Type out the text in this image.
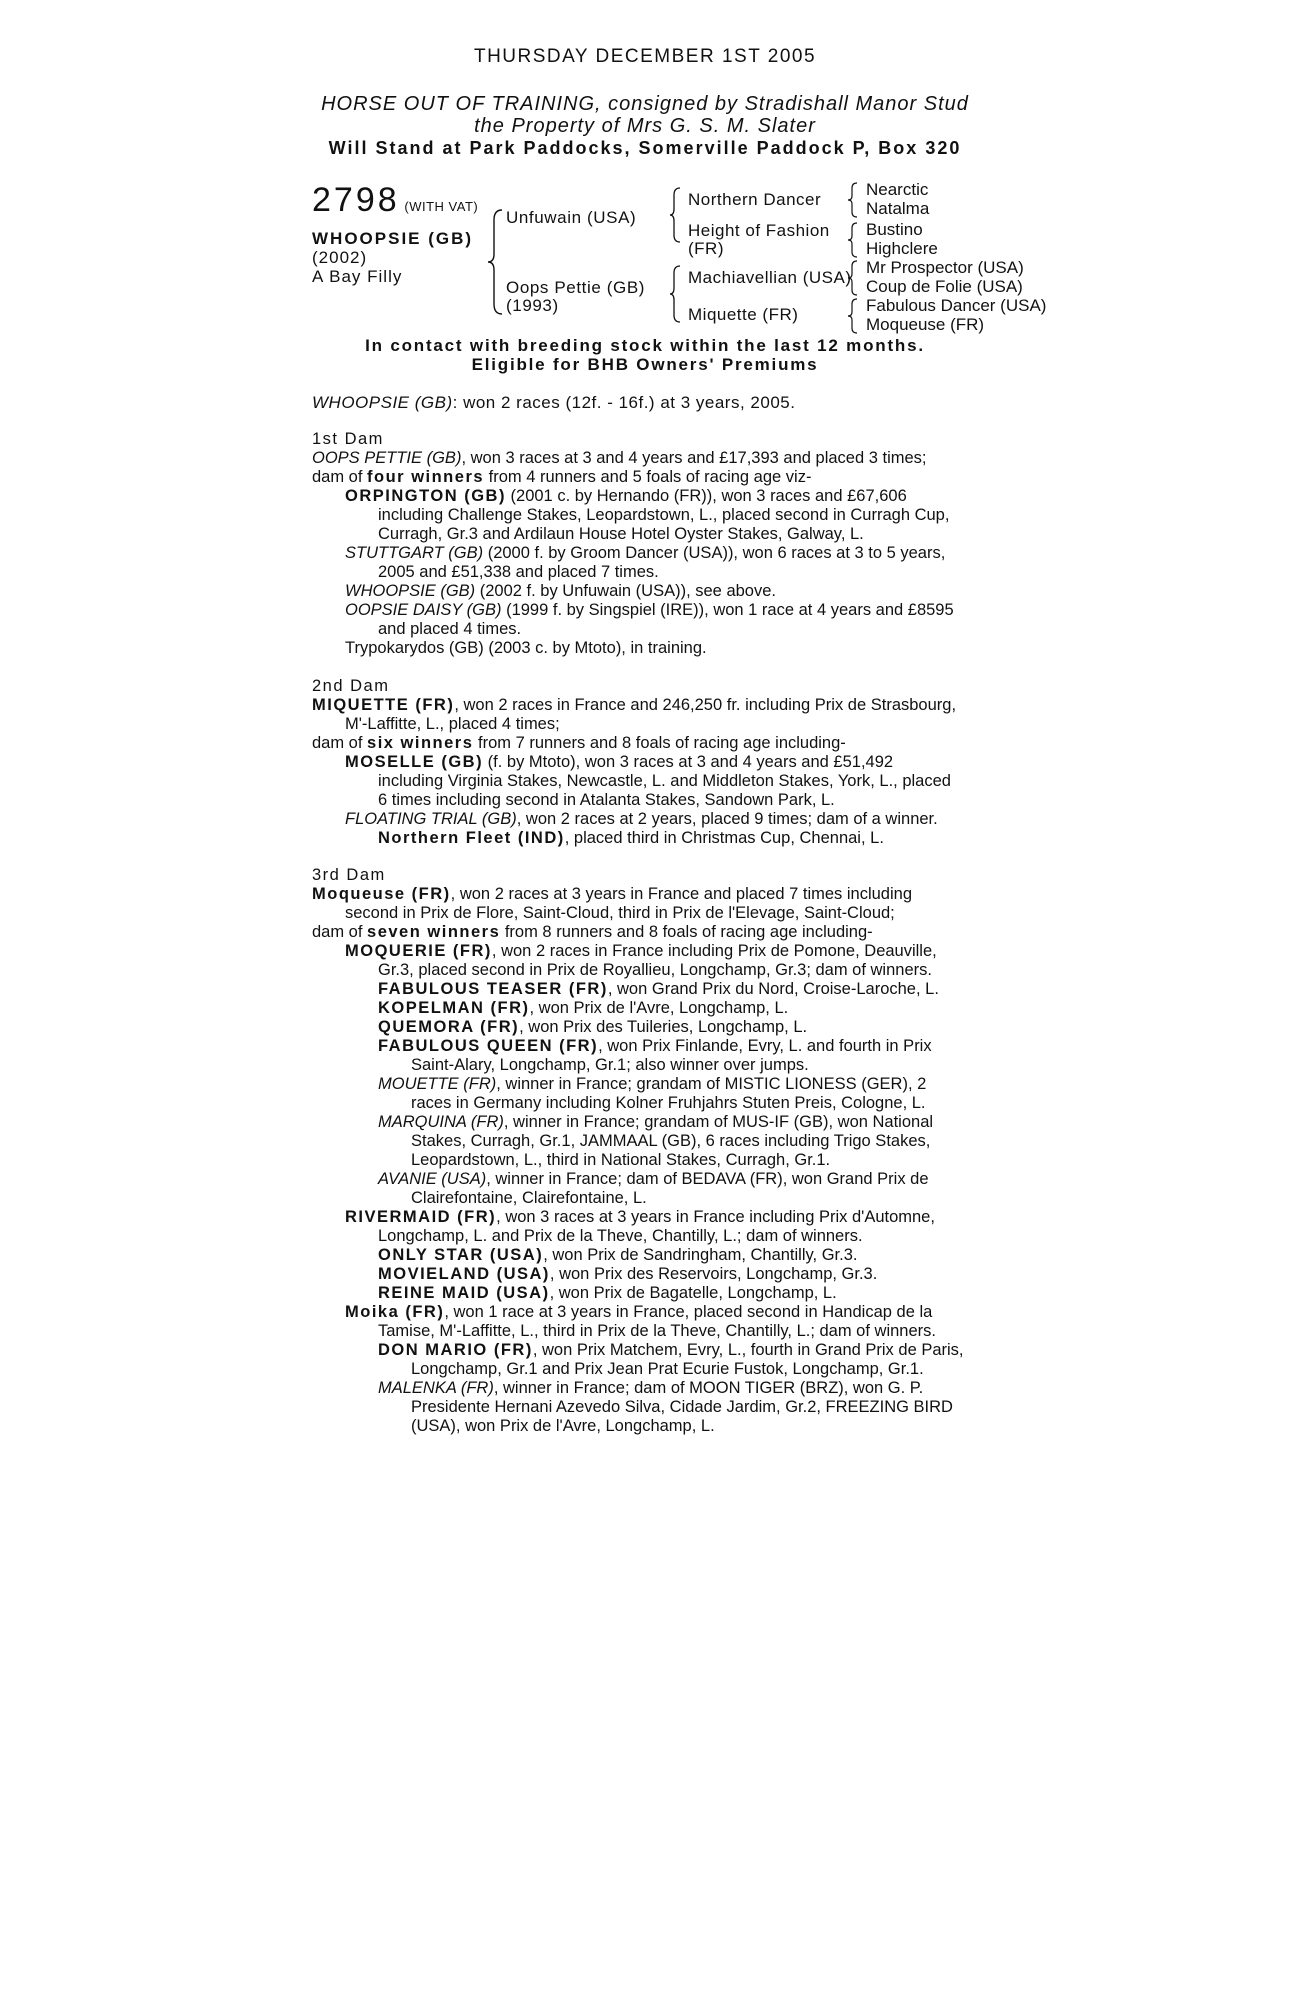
THURSDAY DECEMBER 1ST 2005
HORSE OUT OF TRAINING, consigned by Stradishall Manor Stud
the Property of Mrs G. S. M. Slater
Will Stand at Park Paddocks, Somerville Paddock P, Box 320
2798 (WITH VAT)
WHOOPSIE (GB)
(2002)
A Bay Filly
Unfuwain (USA)
Oops Pettie (GB)
(1993)
Northern Dancer
Height of Fashion
(FR)
Machiavellian (USA)
Miquette (FR)
Nearctic
Natalma
Bustino
Highclere
Mr Prospector (USA)
Coup de Folie (USA)
Fabulous Dancer (USA)
Moqueuse (FR)
In contact with breeding stock within the last 12 months.
Eligible for BHB Owners' Premiums
WHOOPSIE (GB): won 2 races (12f. - 16f.) at 3 years, 2005.

1st Dam

OOPS PETTIE (GB), won 3 races at 3 and 4 years and £17,393 and placed 3 times;

dam of four winners from 4 runners and 5 foals of racing age viz-

ORPINGTON (GB) (2001 c. by Hernando (FR)), won 3 races and £67,606

including Challenge Stakes, Leopardstown, L., placed second in Curragh Cup,

Curragh, Gr.3 and Ardilaun House Hotel Oyster Stakes, Galway, L.

STUTTGART (GB) (2000 f. by Groom Dancer (USA)), won 6 races at 3 to 5 years,

2005 and £51,338 and placed 7 times.

WHOOPSIE (GB) (2002 f. by Unfuwain (USA)), see above.

OOPSIE DAISY (GB) (1999 f. by Singspiel (IRE)), won 1 race at 4 years and £8595

and placed 4 times.

Trypokarydos (GB) (2003 c. by Mtoto), in training.

2nd Dam

MIQUETTE (FR), won 2 races in France and 246,250 fr. including Prix de Strasbourg,

M'-Laffitte, L., placed 4 times;

dam of six winners from 7 runners and 8 foals of racing age including-

MOSELLE (GB) (f. by Mtoto), won 3 races at 3 and 4 years and £51,492

including Virginia Stakes, Newcastle, L. and Middleton Stakes, York, L., placed

6 times including second in Atalanta Stakes, Sandown Park, L.

FLOATING TRIAL (GB), won 2 races at 2 years, placed 9 times; dam of a winner.

Northern Fleet (IND), placed third in Christmas Cup, Chennai, L.

3rd Dam

Moqueuse (FR), won 2 races at 3 years in France and placed 7 times including

second in Prix de Flore, Saint-Cloud, third in Prix de l'Elevage, Saint-Cloud;

dam of seven winners from 8 runners and 8 foals of racing age including-

MOQUERIE (FR), won 2 races in France including Prix de Pomone, Deauville,

Gr.3, placed second in Prix de Royallieu, Longchamp, Gr.3; dam of winners.

FABULOUS TEASER (FR), won Grand Prix du Nord, Croise-Laroche, L.

KOPELMAN (FR), won Prix de l'Avre, Longchamp, L.

QUEMORA (FR), won Prix des Tuileries, Longchamp, L.

FABULOUS QUEEN (FR), won Prix Finlande, Evry, L. and fourth in Prix

Saint-Alary, Longchamp, Gr.1; also winner over jumps.

MOUETTE (FR), winner in France; grandam of MISTIC LIONESS (GER), 2

races in Germany including Kolner Fruhjahrs Stuten Preis, Cologne, L.

MARQUINA (FR), winner in France; grandam of MUS-IF (GB), won National

Stakes, Curragh, Gr.1, JAMMAAL (GB), 6 races including Trigo Stakes,

Leopardstown, L., third in National Stakes, Curragh, Gr.1.

AVANIE (USA), winner in France; dam of BEDAVA (FR), won Grand Prix de

Clairefontaine, Clairefontaine, L.

RIVERMAID (FR), won 3 races at 3 years in France including Prix d'Automne,

Longchamp, L. and Prix de la Theve, Chantilly, L.; dam of winners.

ONLY STAR (USA), won Prix de Sandringham, Chantilly, Gr.3.

MOVIELAND (USA), won Prix des Reservoirs, Longchamp, Gr.3.

REINE MAID (USA), won Prix de Bagatelle, Longchamp, L.

Moika (FR), won 1 race at 3 years in France, placed second in Handicap de la

Tamise, M'-Laffitte, L., third in Prix de la Theve, Chantilly, L.; dam of winners.

DON MARIO (FR), won Prix Matchem, Evry, L., fourth in Grand Prix de Paris,

Longchamp, Gr.1 and Prix Jean Prat Ecurie Fustok, Longchamp, Gr.1.

MALENKA (FR), winner in France; dam of MOON TIGER (BRZ), won G. P.

Presidente Hernani Azevedo Silva, Cidade Jardim, Gr.2, FREEZING BIRD

(USA), won Prix de l'Avre, Longchamp, L.
